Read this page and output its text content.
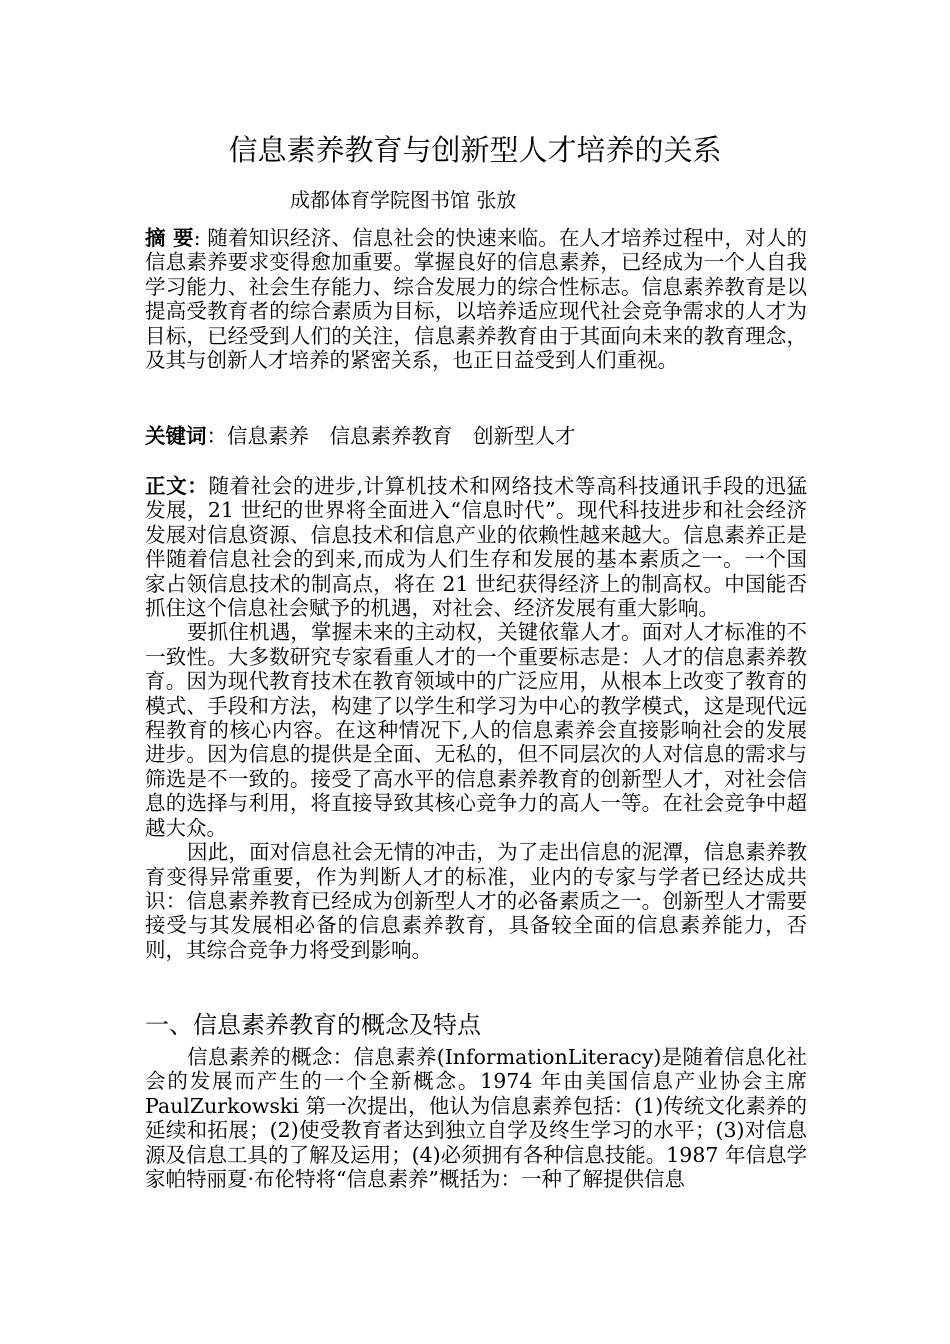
信息素养教育与创新型人才培养的关系
成都体育学院图书馆 张放

摘 要: 随着知识经济、信息社会的快速来临。在人才培养过程中，对人的信息素养要求变得愈加重要。掌握良好的信息素养，已经成为一个人自我学习能力、社会生存能力、综合发展力的综合性标志。信息素养教育是以提高受教育者的综合素质为目标，以培养适应现代社会竞争需求的人才为目标，已经受到人们的关注，信息素养教育由于其面向未来的教育理念，及其与创新人才培养的紧密关系，也正日益受到人们重视。

关键词：信息素养　信息素养教育　创新型人才

正文：随着社会的进步,计算机技术和网络技术等高科技通讯手段的迅猛发展，21 世纪的世界将全面进入“信息时代”。现代科技进步和社会经济发展对信息资源、信息技术和信息产业的依赖性越来越大。信息素养正是伴随着信息社会的到来,而成为人们生存和发展的基本素质之一。一个国家占领信息技术的制高点，将在 21 世纪获得经济上的制高权。中国能否抓住这个信息社会赋予的机遇，对社会、经济发展有重大影响。

要抓住机遇，掌握未来的主动权，关键依靠人才。面对人才标准的不一致性。大多数研究专家看重人才的一个重要标志是：人才的信息素养教育。因为现代教育技术在教育领域中的广泛应用，从根本上改变了教育的模式、手段和方法，构建了以学生和学习为中心的教学模式，这是现代远程教育的核心内容。在这种情况下,人的信息素养会直接影响社会的发展进步。因为信息的提供是全面、无私的，但不同层次的人对信息的需求与筛选是不一致的。接受了高水平的信息素养教育的创新型人才，对社会信息的选择与利用，将直接导致其核心竞争力的高人一等。在社会竞争中超越大众。

因此，面对信息社会无情的冲击，为了走出信息的泥潭，信息素养教育变得异常重要，作为判断人才的标准，业内的专家与学者已经达成共识：信息素养教育已经成为创新型人才的必备素质之一。创新型人才需要接受与其发展相必备的信息素养教育，具备较全面的信息素养能力，否则，其综合竞争力将受到影响。

一、信息素养教育的概念及特点

信息素养的概念：信息素养(InformationLiteracy)是随着信息化社会的发展而产生的一个全新概念。1974 年由美国信息产业协会主席 PaulZurkowski 第一次提出，他认为信息素养包括：(1)传统文化素养的延续和拓展；(2)使受教育者达到独立自学及终生学习的水平；(3)对信息源及信息工具的了解及运用；(4)必须拥有各种信息技能。1987 年信息学家帕特丽夏·布伦特将“信息素养”概括为：一种了解提供信息
